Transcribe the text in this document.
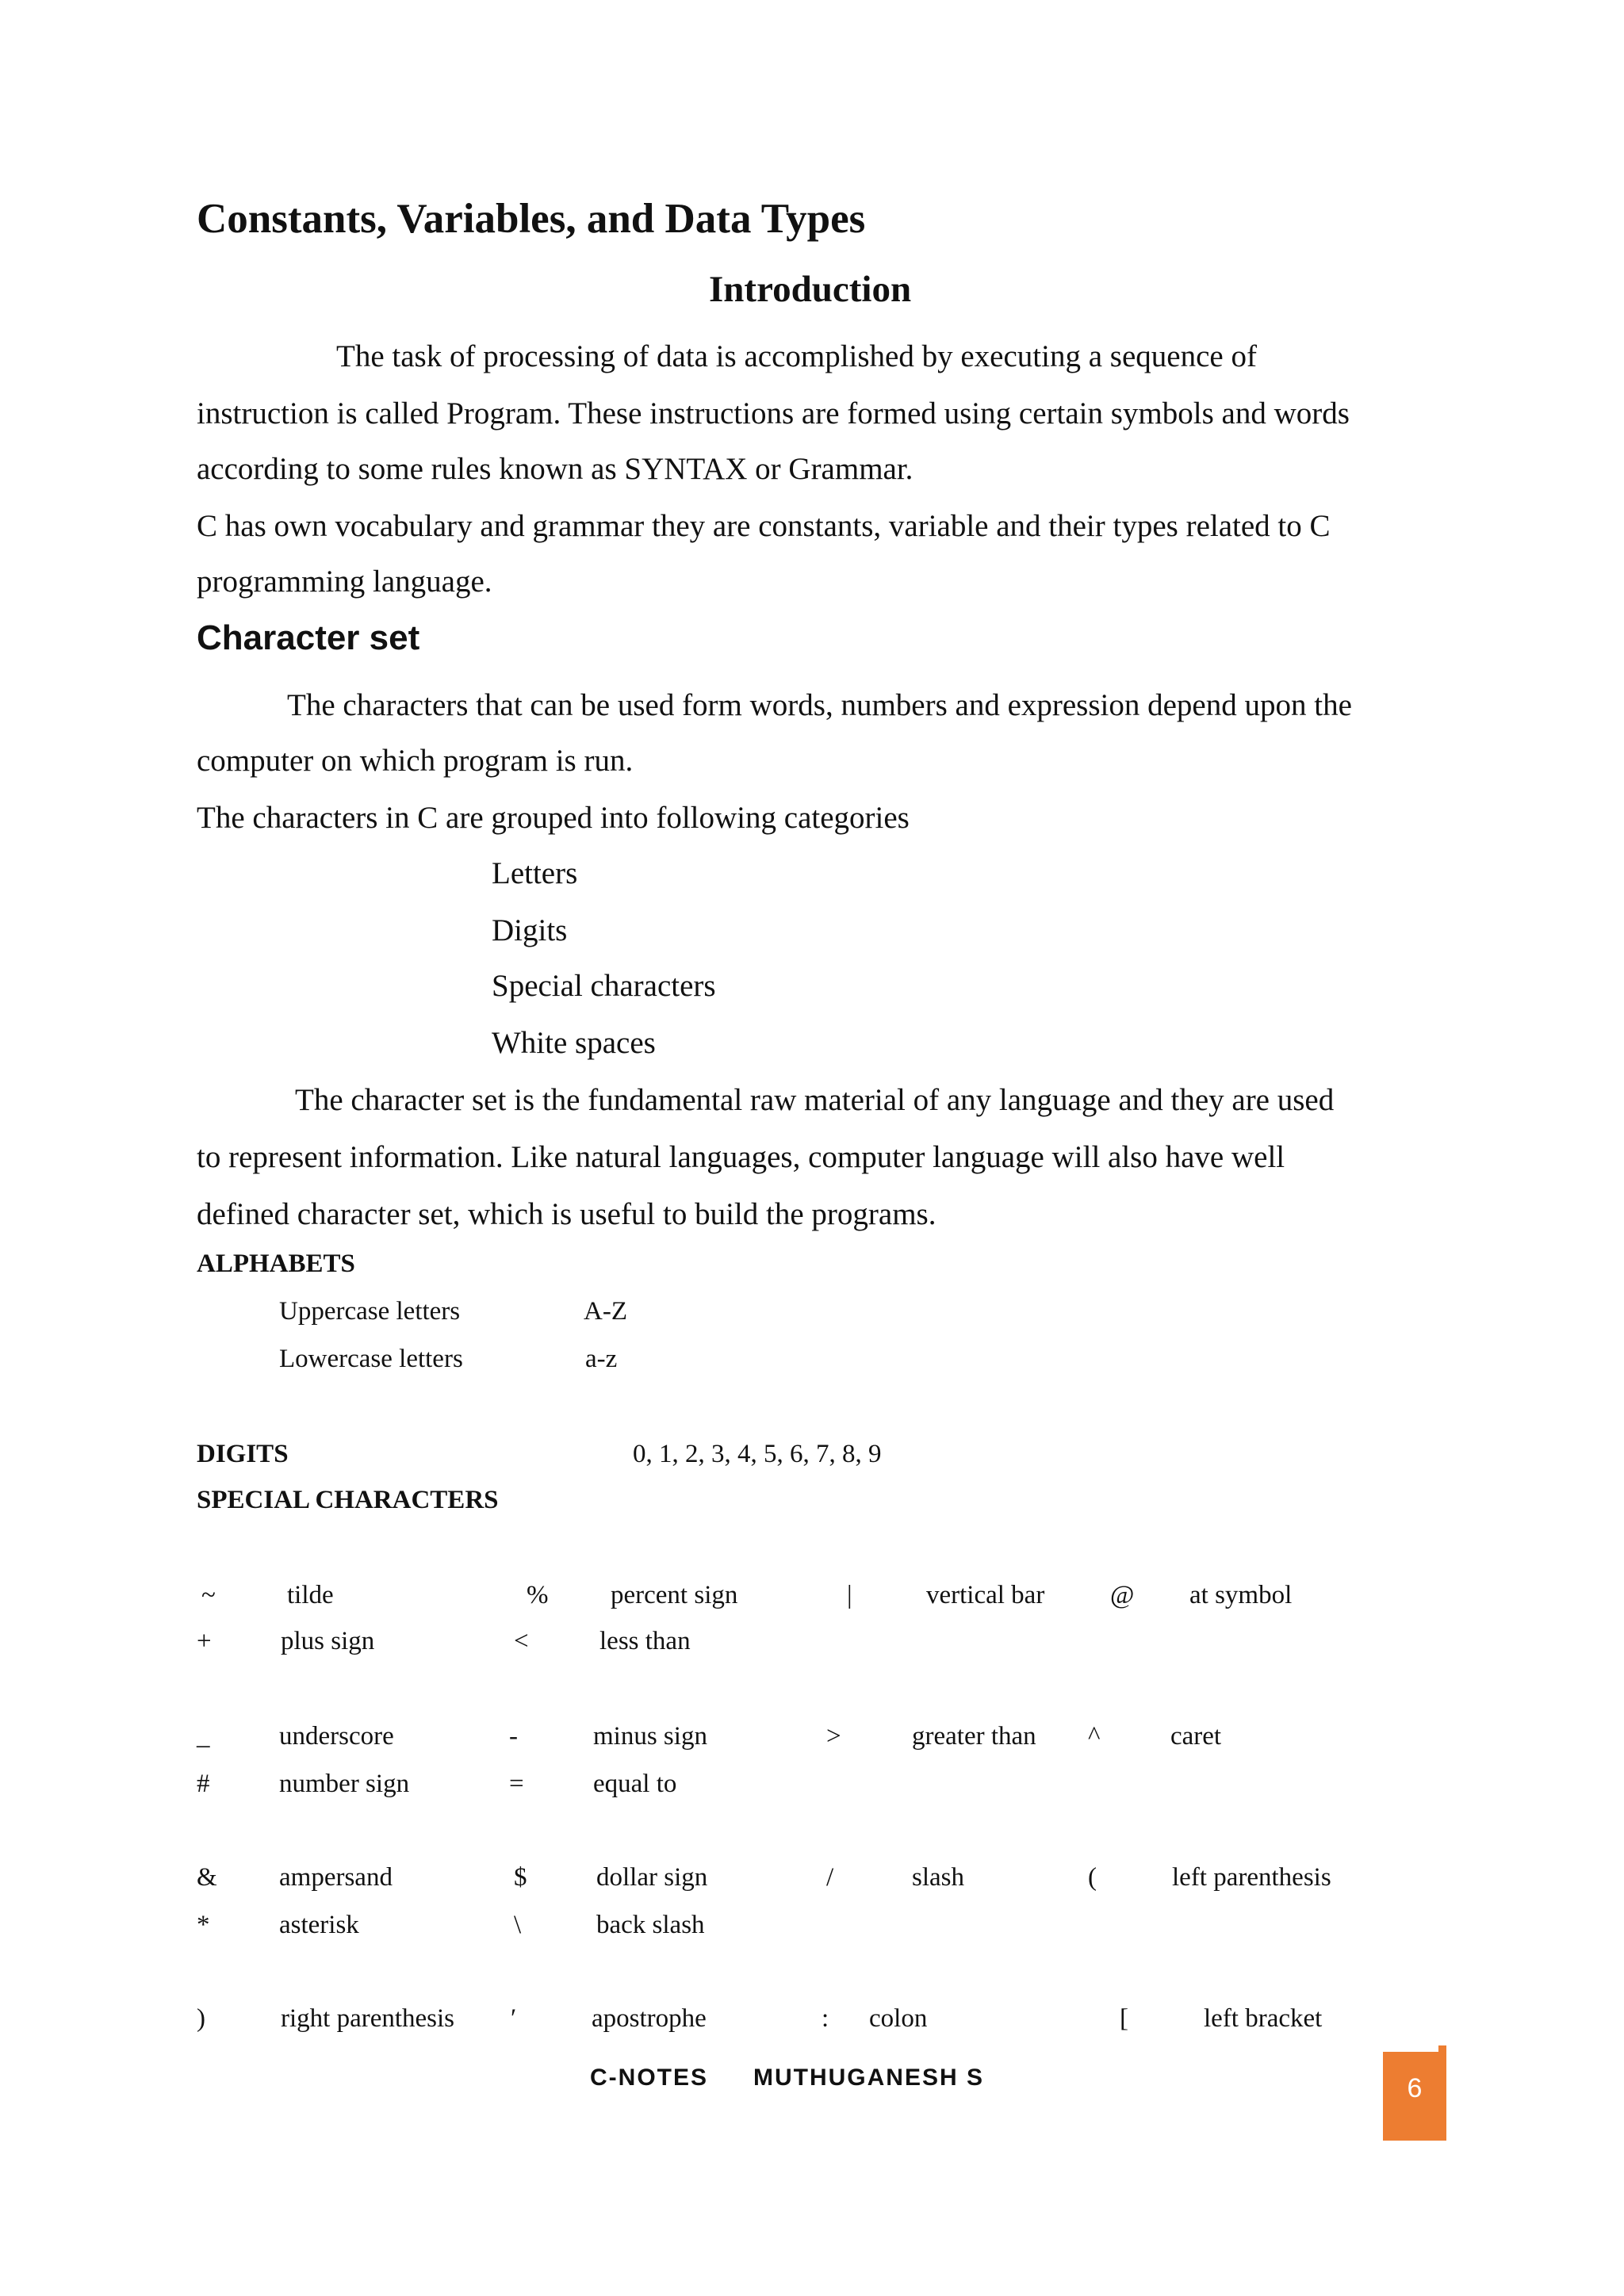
Constants, Variables, and Data Types
Introduction
The task of processing of data is accomplished by executing a sequence of
instruction is called Program. These instructions are formed using certain symbols and words
according to some rules known as SYNTAX or Grammar.
C has own vocabulary and grammar they are constants, variable and their types related to C
programming language.
Character set
The characters that can be used form words, numbers and expression depend upon the
computer on which program is run.
The characters in C are grouped into following categories
Letters
Digits
Special characters
White spaces
The character set is the fundamental raw material of any language and they are used
to represent information. Like natural languages, computer language will also have well
defined character set, which is useful to build the programs.
ALPHABETS
Uppercase letters	A-Z
Lowercase letters	a-z
DIGITS	0, 1, 2, 3, 4, 5, 6, 7, 8, 9
SPECIAL CHARACTERS
~	tilde	% percent sign	|	vertical bar	@ at symbol
+	plus sign	<	less than
_	underscore	-	minus sign	>	greater than ^	caret
#	number sign	=	equal to
& ampersand	$	dollar sign	/	slash	(	left parenthesis
*	asterisk	\	back slash
)	right parenthesis ′	apostrophe	: colon	[	left bracket
C-NOTES MUTHUGANESH S	6
